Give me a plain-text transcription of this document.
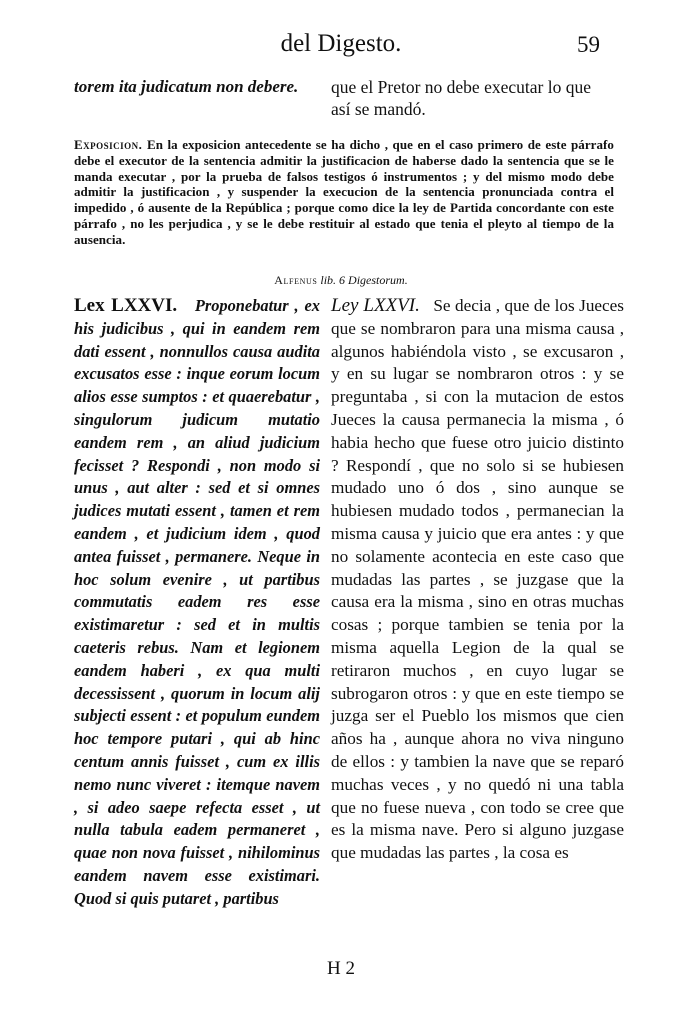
del Digesto.	59
torem ita judicatum non debere.	que el Pretor no debe executar lo que así se mandó.
Exposicion. En la exposicion antecedente se ha dicho , que en el caso primero de este párrafo debe el executor de la sentencia admitir la justificacion de haberse dado la sentencia que se le manda executar , por la prueba de falsos testigos ó instrumentos ; y del mismo modo debe admitir la justificacion , y suspender la execucion de la sentencia pronunciada contra el impedido , ó ausente de la República ; porque como dice la ley de Partida concordante con este párrafo , no les perjudica , y se le debe restituir al estado que tenia el pleyto al tiempo de la ausencia.
Alfenus lib. 6 Digestorum.
Lex LXXVI. Proponebatur , ex his judicibus , qui in eandem rem dati essent , nonnullos causa audita excusatos esse : inque eorum locum alios esse sumptos : et quaerebatur , singulorum judicum mutatio eandem rem , an aliud judicium fecisset ? Respondi , non modo si unus , aut alter : sed et si omnes judices mutati essent , tamen et rem eandem , et judicium idem , quod antea fuisset , permanere. Neque in hoc solum evenire , ut partibus commutatis eadem res esse existimaretur : sed et in multis caeteris rebus. Nam et legionem eandem haberi , ex qua multi decessissent , quorum in locum alij subjecti essent : et populum eundem hoc tempore putari , qui ab hinc centum annis fuisset , cum ex illis nemo nunc viveret : itemque navem , si adeo saepe refecta esset , ut nulla tabula eadem permaneret , quae non nova fuisset , nihilominus eandem navem esse existimari. Quod si quis putaret , partibus
Ley LXXVI. Se decia , que de los Jueces que se nombraron para una misma causa , algunos habiéndola visto , se excusaron , y en su lugar se nombraron otros : y se preguntaba , si con la mutacion de estos Jueces la causa permanecia la misma , ó habia hecho que fuese otro juicio distinto ? Respondí , que no solo si se hubiesen mudado uno ó dos , sino aunque se hubiesen mudado todos , permanecian la misma causa y juicio que era antes : y que no solamente acontecia en este caso que mudadas las partes , se juzgase que la causa era la misma , sino en otras muchas cosas ; porque tambien se tenia por la misma aquella Legion de la qual se retiraron muchos , en cuyo lugar se subrogaron otros : y que en este tiempo se juzga ser el Pueblo los mismos que cien años ha , aunque ahora no viva ninguno de ellos : y tambien la nave que se reparó muchas veces , y no quedó ni una tabla que no fuese nueva , con todo se cree que es la misma nave. Pero si alguno juzgase que mudadas las partes , la cosa es
H 2
